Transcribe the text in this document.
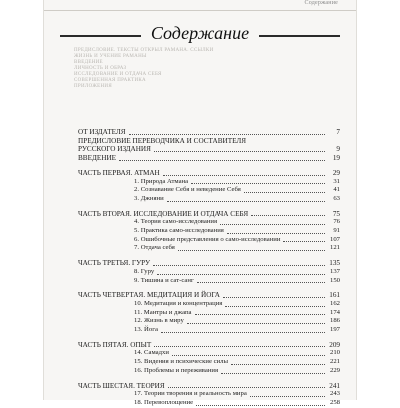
Содержание
Содержание
ПРЕДИСЛОВИЕ. ТЕКСТЫ ОТКРЫЛ РАМАНА. ССЫЛКИ
ЖИЗНЬ И УЧЕНИЕ РАМАНЫ
ВВЕДЕНИЕ
ЛИЧНОСТЬ И ОБРАЗ
ИССЛЕДОВАНИЕ И ОТДАЧА СЕБЯ
СОВЕРШЕННАЯ ПРАКТИКА
ПРИЛОЖЕНИЯ
ОТ ИЗДАТЕЛЯ	7
ПРЕДИСЛОВИЕ ПЕРЕВОДЧИКА И СОСТАВИТЕЛЯ
РУССКОГО ИЗДАНИЯ	9
ВВЕДЕНИЕ	19
ЧАСТЬ ПЕРВАЯ. АТМАН	29
1. Природа Атмана	31
2. Сознавание Себя и неведение Себя	41
3. Джняни	63
ЧАСТЬ ВТОРАЯ. ИССЛЕДОВАНИЕ И ОТДАЧА СЕБЯ	75
4. Теория само-исследования	76
5. Практика само-исследования	91
6. Ошибочные представления о само-исследовании	107
7. Отдача себя	121
ЧАСТЬ ТРЕТЬЯ. ГУРУ	135
8. Гуру	137
9. Тишина и сат-санг	150
ЧАСТЬ ЧЕТВЕРТАЯ. МЕДИТАЦИЯ И ЙОГА	161
10. Медитация и концентрация	162
11. Мантры и джапа	174
12. Жизнь в миру	186
13. Йога	197
ЧАСТЬ ПЯТАЯ. ОПЫТ	209
14. Самадхи	210
15. Видения и психические силы	221
16. Проблемы и переживания	229
ЧАСТЬ ШЕСТАЯ. ТЕОРИЯ	241
17. Теории творения и реальность мира	243
18. Перевоплощение	258
